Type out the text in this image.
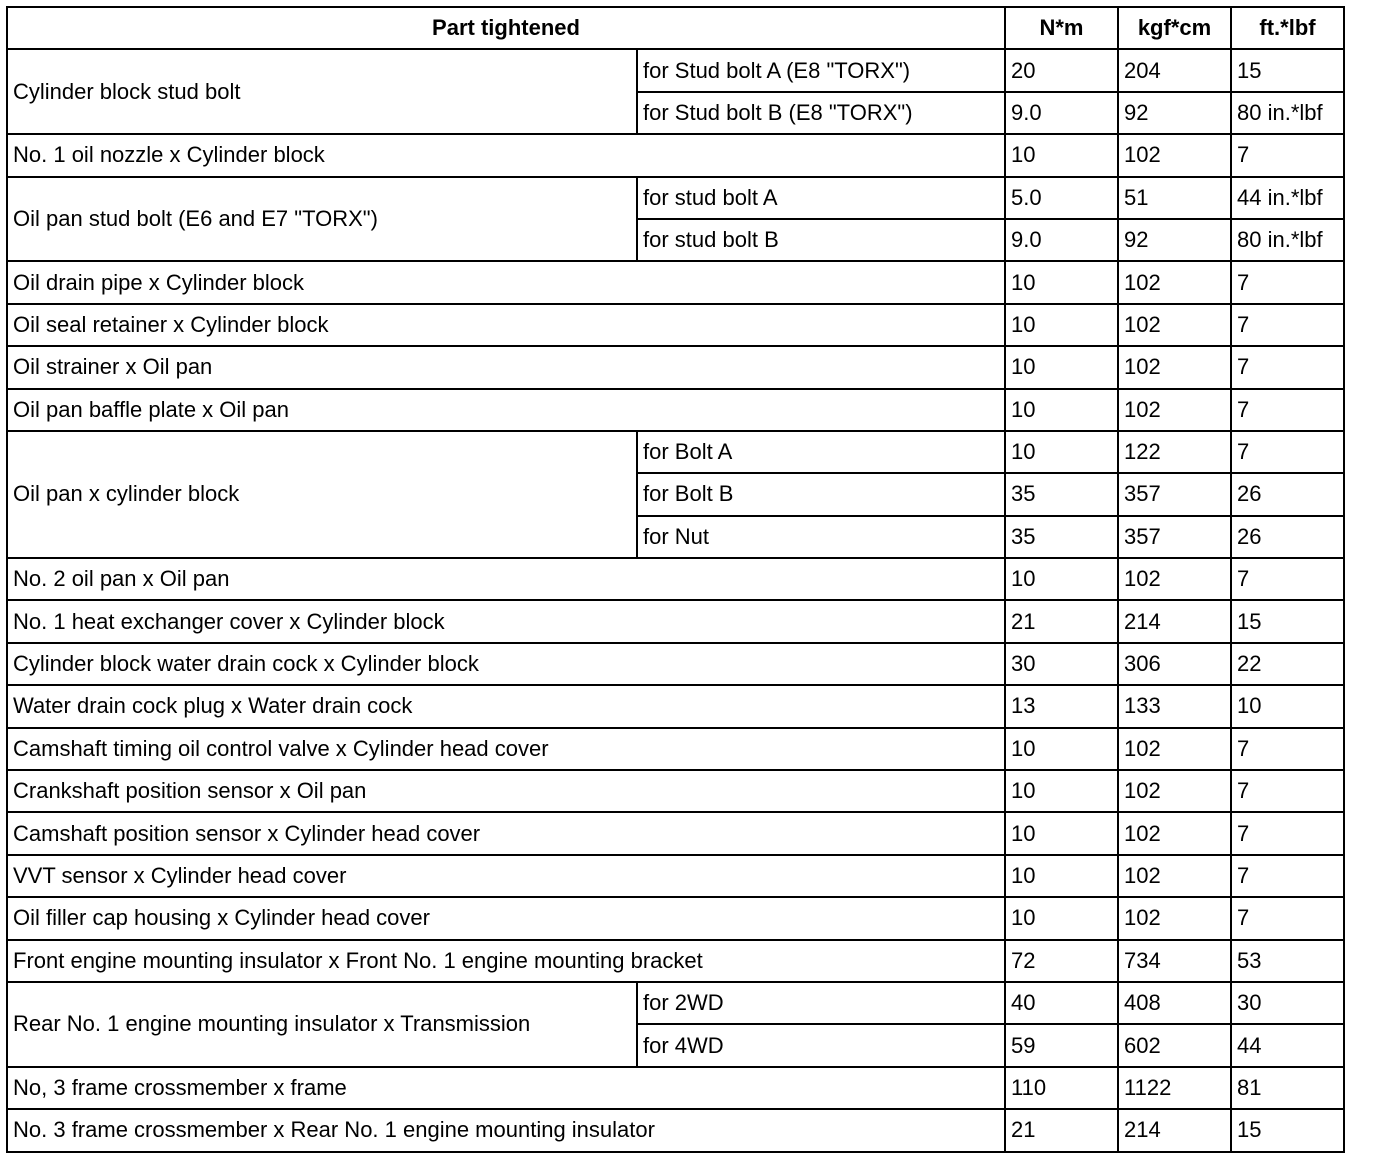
Part tightened		N*m	kgf*cm	ft.*lbf
Cylinder block stud bolt	for Stud bolt A (E8 "TORX")	20	204	15
	for Stud bolt B (E8 "TORX")	9.0	92	80 in.*lbf
No. 1 oil nozzle x Cylinder block		10	102	7
Oil pan stud bolt (E6 and E7 "TORX")	for stud bolt A	5.0	51	44 in.*lbf
	for stud bolt B	9.0	92	80 in.*lbf
Oil drain pipe x Cylinder block		10	102	7
Oil seal retainer x Cylinder block		10	102	7
Oil strainer x Oil pan		10	102	7
Oil pan baffle plate x Oil pan		10	102	7
Oil pan x cylinder block	for Bolt A	10	122	7
	for Bolt B	35	357	26
	for Nut	35	357	26
No. 2 oil pan x Oil pan		10	102	7
No. 1 heat exchanger cover x Cylinder block		21	214	15
Cylinder block water drain cock x Cylinder block		30	306	22
Water drain cock plug x Water drain cock		13	133	10
Camshaft timing oil control valve x Cylinder head cover		10	102	7
Crankshaft position sensor x Oil pan		10	102	7
Camshaft position sensor x Cylinder head cover		10	102	7
VVT sensor x Cylinder head cover		10	102	7
Oil filler cap housing x Cylinder head cover		10	102	7
Front engine mounting insulator x Front No. 1 engine mounting bracket		72	734	53
Rear No. 1 engine mounting insulator x Transmission	for 2WD	40	408	30
	for 4WD	59	602	44
No, 3 frame crossmember x frame		110	1122	81
No. 3 frame crossmember x Rear No. 1 engine mounting insulator		21	214	15
